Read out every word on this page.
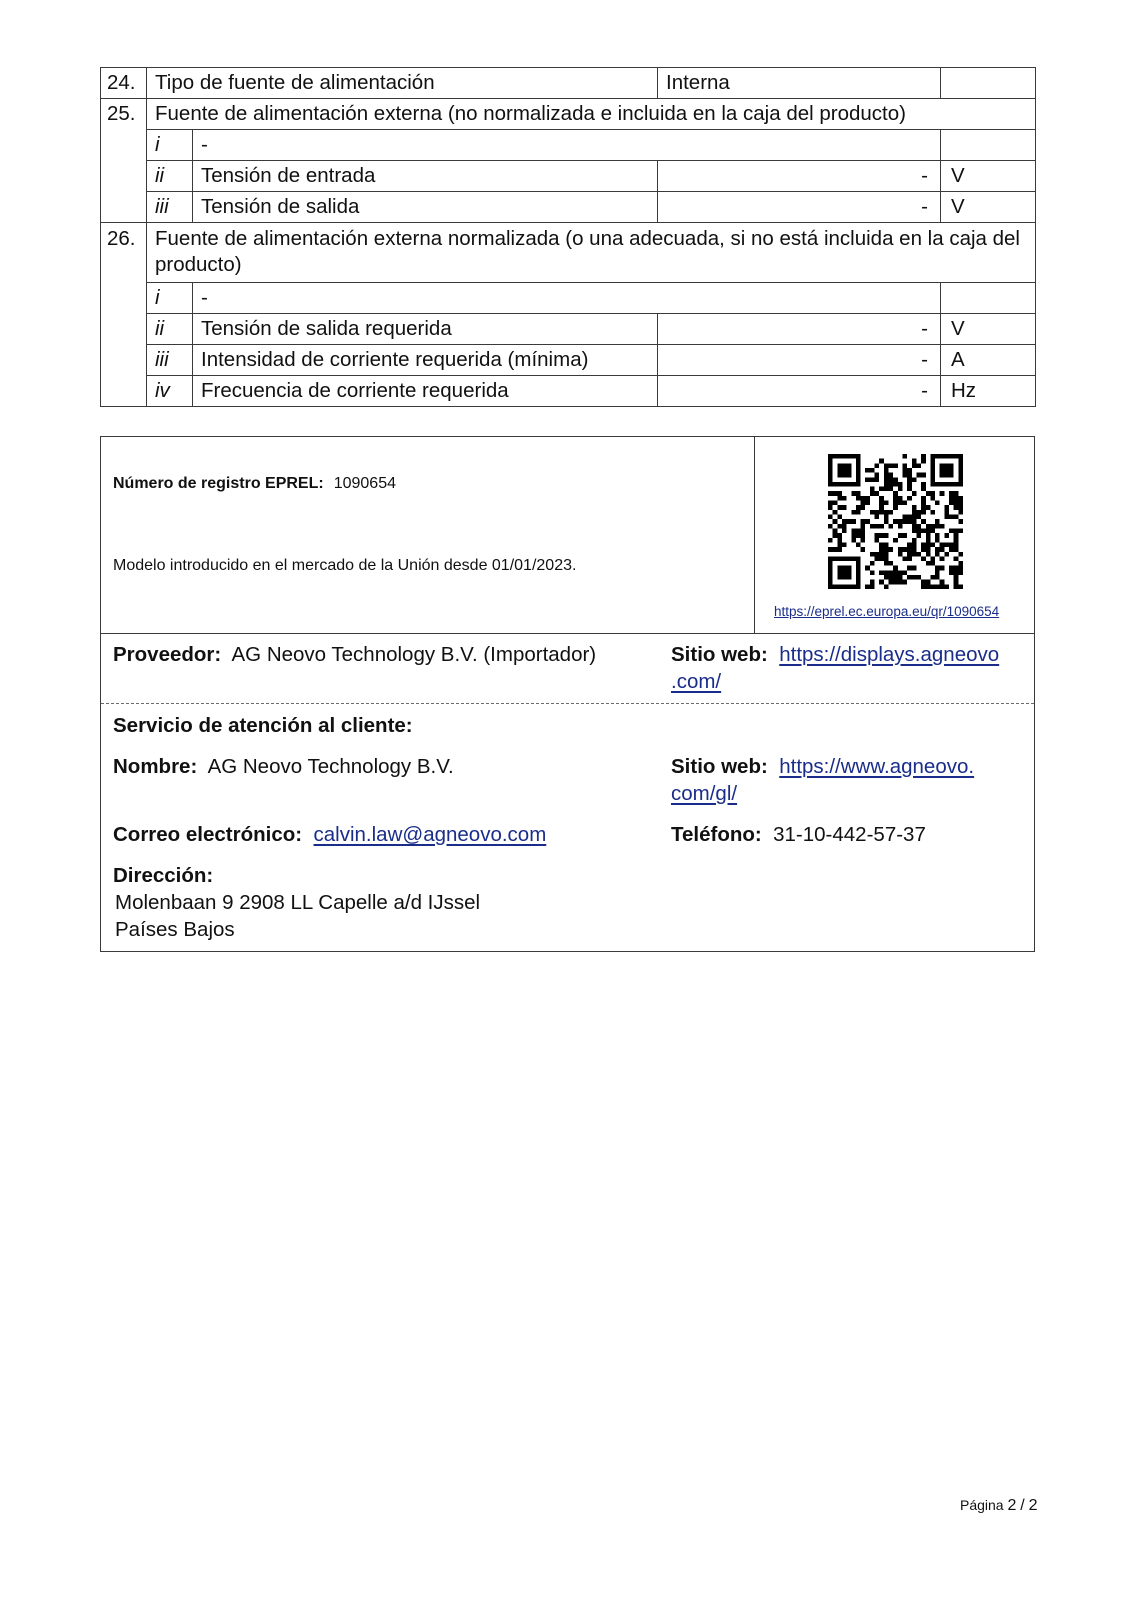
24.	Tipo de fuente de alimentación		Interna	
25.	Fuente de alimentación externa (no normalizada e incluida en la caja del producto)			
	i	-		
	ii	Tensión de entrada	-	V
	iii	Tensión de salida	-	V
26.	Fuente de alimentación externa normalizada (o una adecuada, si no está incluida en la caja del producto)			
	i	-		
	ii	Tensión de salida requerida	-	V
	iii	Intensidad de corriente requerida (mínima)	-	A
	iv	Frecuencia de corriente requerida	-	Hz
Número de registro EPREL: 1090654
Modelo introducido en el mercado de la Unión desde 01/01/2023.
https://eprel.ec.europa.eu/qr/1090654
Proveedor: AG Neovo Technology B.V. (Importador)	Sitio web: https://displays.agneovo
.com/
Servicio de atención al cliente:
Nombre: AG Neovo Technology B.V.	Sitio web: https://www.agneovo.
com/gl/
Correo electrónico: calvin.law@agneovo.com	Teléfono: 31-10-442-57-37
Dirección:
Molenbaan 9 2908 LL Capelle a/d IJssel
Países Bajos
Página 2 / 2
